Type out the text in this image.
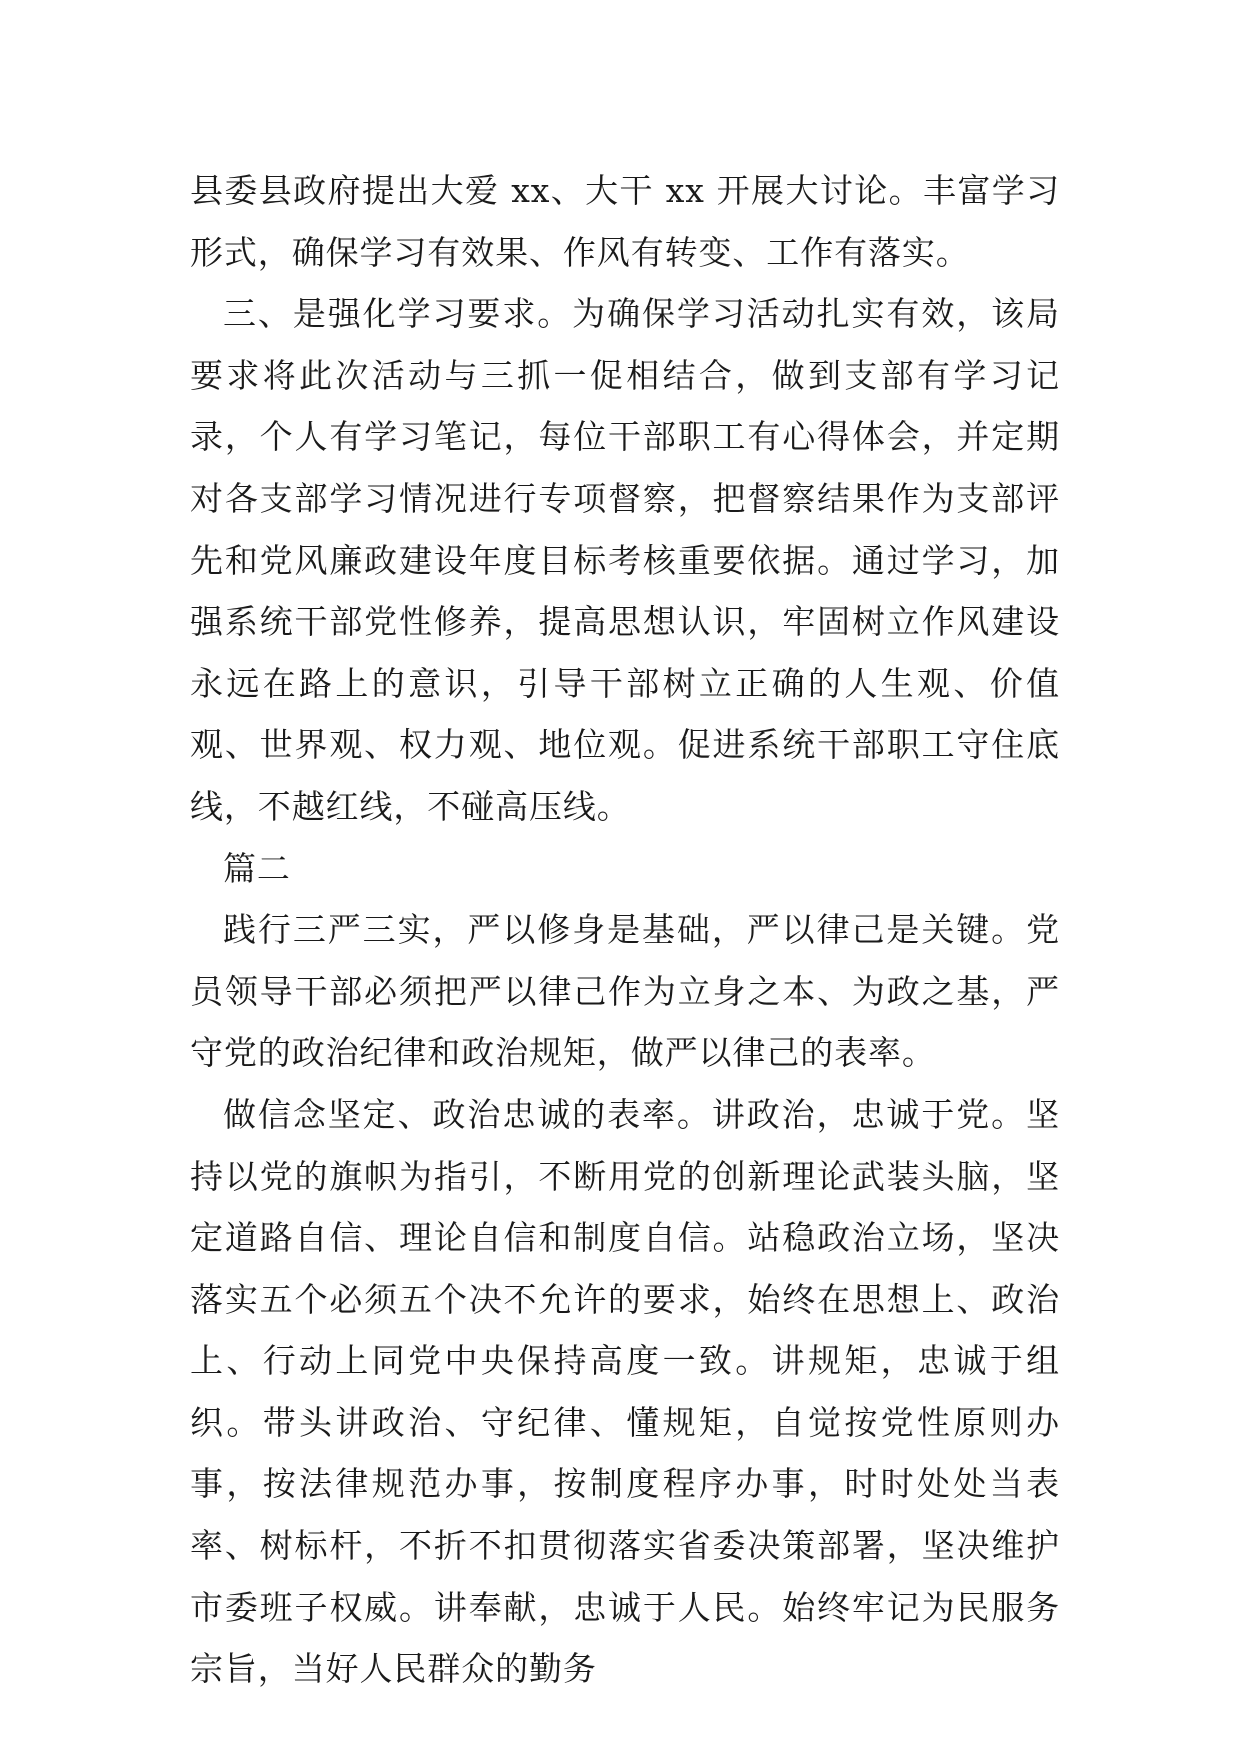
县委县政府提出大爱 xx、大干 xx 开展大讨论。丰富学习形式，确保学习有效果、作风有转变、工作有落实。

三、是强化学习要求。为确保学习活动扎实有效，该局要求将此次活动与三抓一促相结合，做到支部有学习记录，个人有学习笔记，每位干部职工有心得体会，并定期对各支部学习情况进行专项督察，把督察结果作为支部评先和党风廉政建设年度目标考核重要依据。通过学习，加强系统干部党性修养，提高思想认识，牢固树立作风建设永远在路上的意识，引导干部树立正确的人生观、价值观、世界观、权力观、地位观。促进系统干部职工守住底线，不越红线，不碰高压线。

篇二

践行三严三实，严以修身是基础，严以律己是关键。党员领导干部必须把严以律己作为立身之本、为政之基，严守党的政治纪律和政治规矩，做严以律己的表率。

做信念坚定、政治忠诚的表率。讲政治，忠诚于党。坚持以党的旗帜为指引，不断用党的创新理论武装头脑，坚定道路自信、理论自信和制度自信。站稳政治立场，坚决落实五个必须五个决不允许的要求，始终在思想上、政治上、行动上同党中央保持高度一致。讲规矩，忠诚于组织。带头讲政治、守纪律、懂规矩，自觉按党性原则办事，按法律规范办事，按制度程序办事，时时处处当表率、树标杆，不折不扣贯彻落实省委决策部署，坚决维护市委班子权威。讲奉献，忠诚于人民。始终牢记为民服务宗旨，当好人民群众的勤务
